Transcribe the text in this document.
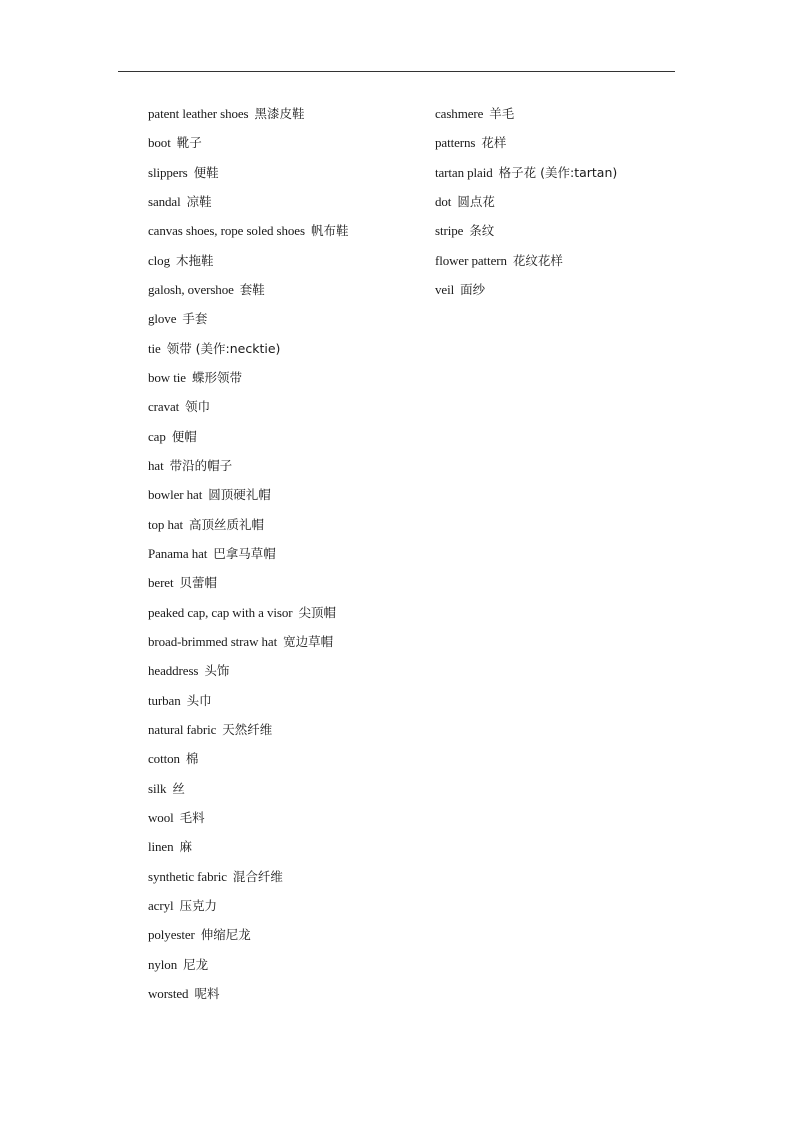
patent leather shoes 黑漆皮鞋
boot 靴子
slippers 便鞋
sandal 凉鞋
canvas shoes, rope soled shoes 帆布鞋
clog 木拖鞋
galosh, overshoe 套鞋
glove 手套
tie 领带 (美作:necktie)
bow tie 蝶形领带
cravat 领巾
cap 便帽
hat 带沿的帽子
bowler hat 圆顶硬礼帽
top hat 高顶丝质礼帽
Panama hat 巴拿马草帽
beret 贝蕾帽
peaked cap, cap with a visor 尖顶帽
broad-brimmed straw hat 宽边草帽
headdress 头饰
turban 头巾
natural fabric 天然纤维
cotton 棉
silk 丝
wool 毛料
linen 麻
synthetic fabric 混合纤维
acryl 压克力
polyester 伸缩尼龙
nylon 尼龙
worsted 呢料
cashmere 羊毛
patterns 花样
tartan plaid 格子花 (美作:tartan)
dot 圆点花
stripe 条纹
flower pattern 花纹花样
veil 面纱
